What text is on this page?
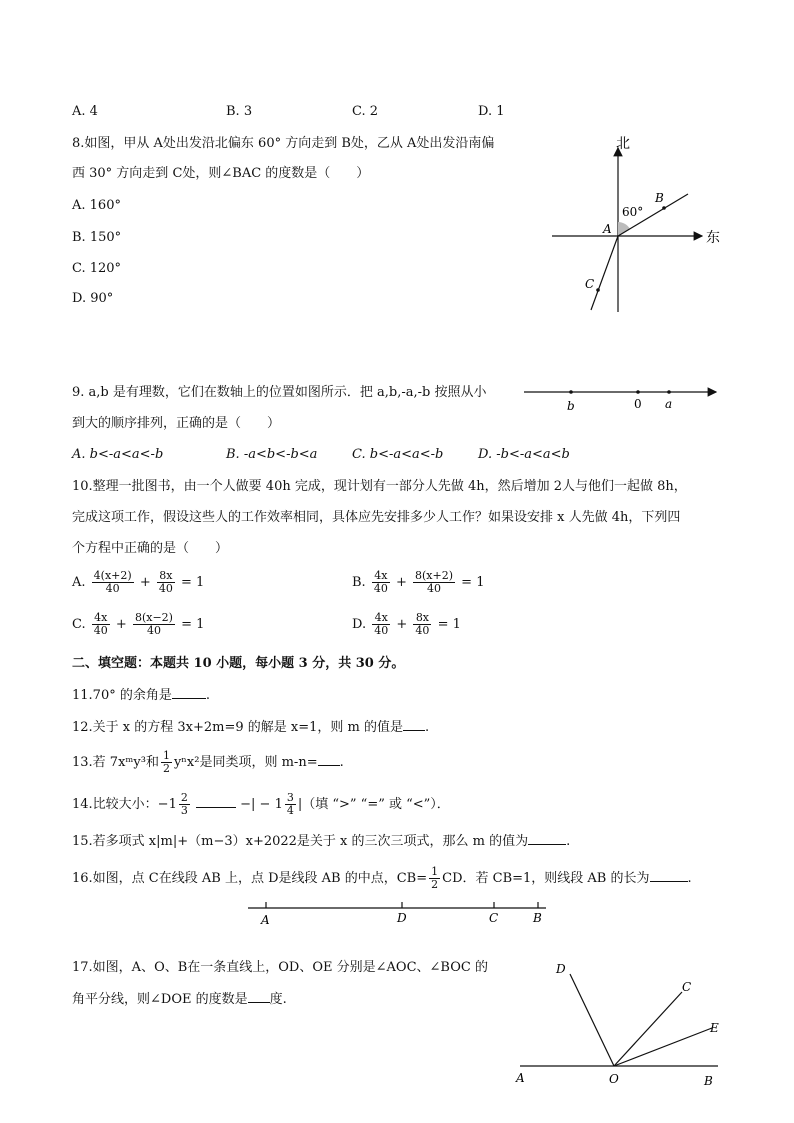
A. 4	B. 3	C. 2	D. 1
8.如图，甲从 A处出发沿北偏东 60° 方向走到 B处，乙从 A处出发沿南偏
西 30° 方向走到 C处，则∠BAC 的度数是（　　）
A. 160°
B. 150°
C. 120°
D. 90°
北
东
60°
A
B
C
9. a,b 是有理数，它们在数轴上的位置如图所示．把 a,b,-a,-b 按照从小
到大的顺序排列，正确的是（　　）
A. b<-a<a<-b	B. -a<b<-b<a	C. b<-a<a<-b	D. -b<-a<a<b
b	0 a
10.整理一批图书，由一个人做要 40h 完成，现计划有一部分人先做 4h，然后增加 2人与他们一起做 8h，
完成这项工作，假设这些人的工作效率相同，具体应先安排多少人工作？如果设安排 x 人先做 4h，下列四
个方程中正确的是（　　）
A. $\frac{4(x+2)}{40} + \frac{8x}{40} = 1$	B. $\frac{4x}{40} + \frac{8(x+2)}{40} = 1$
C. $\frac{4x}{40} + \frac{8(x-2)}{40} = 1$	D. $\frac{4x}{40} + \frac{8x}{40} = 1$
二、填空题：本题共 10 小题，每小题 3 分，共 30 分。
11.70° 的余角是	.
12.关于 x 的方程 3x+2m=9 的解是 x=1，则 m 的值是 .
13.若 7xᵐy³和 $\frac{1}{2} y^nx^2$是同类项，则 m-n= .
14.比较大小：$-1 \frac{2}{3}$	−| − $1 \frac{3}{4}$ |（填 “>” “=” 或 “<”）．
15.若多项式 x|m|+（m−3）x+2022是关于 x 的三次三项式，那么 m 的值为	.
16.如图，点 C在线段 AB 上，点 D是线段 AB 的中点，$CB= \frac{1}{2}$ CD．若 CB=1，则线段 AB 的长为	.
A	D	C	B
17.如图，A、O、B在一条直线上，OD、OE 分别是∠AOC、∠BOC 的
角平分线，则∠DOE 的度数是 度.
D
C
E
A	O	B
